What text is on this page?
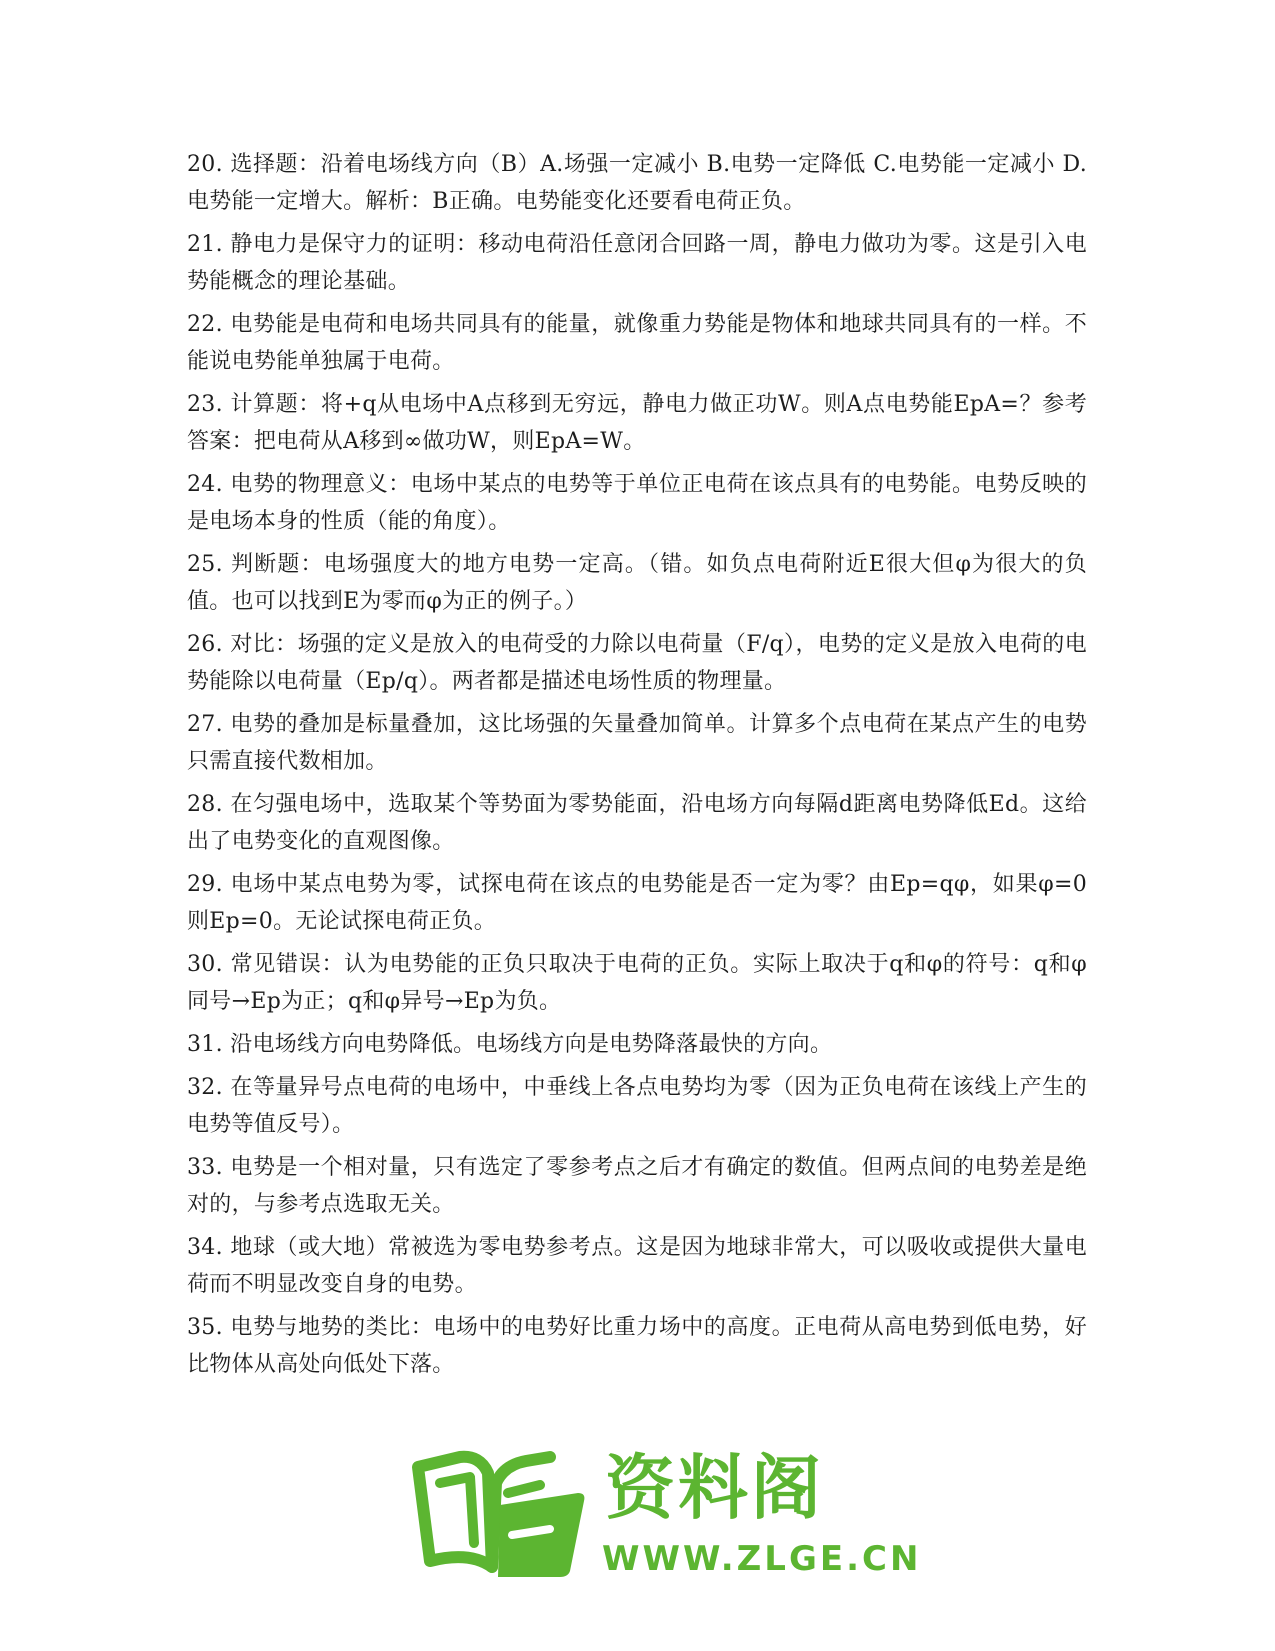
20. 选择题：沿着电场线方向（B）A.场强一定减小 B.电势一定降低 C.电势能一定减小 D.电势能一定增大。解析：B正确。电势能变化还要看电荷正负。

21. 静电力是保守力的证明：移动电荷沿任意闭合回路一周，静电力做功为零。这是引入电势能概念的理论基础。

22. 电势能是电荷和电场共同具有的能量，就像重力势能是物体和地球共同具有的一样。不能说电势能单独属于电荷。

23. 计算题：将+q从电场中A点移到无穷远，静电力做正功W。则A点电势能EpA=？参考答案：把电荷从A移到∞做功W，则EpA=W。

24. 电势的物理意义：电场中某点的电势等于单位正电荷在该点具有的电势能。电势反映的是电场本身的性质（能的角度）。

25. 判断题：电场强度大的地方电势一定高。（错。如负点电荷附近E很大但φ为很大的负值。也可以找到E为零而φ为正的例子。）

26. 对比：场强的定义是放入的电荷受的力除以电荷量（F/q），电势的定义是放入电荷的电势能除以电荷量（Ep/q）。两者都是描述电场性质的物理量。

27. 电势的叠加是标量叠加，这比场强的矢量叠加简单。计算多个点电荷在某点产生的电势只需直接代数相加。

28. 在匀强电场中，选取某个等势面为零势能面，沿电场方向每隔d距离电势降低Ed。这给出了电势变化的直观图像。

29. 电场中某点电势为零，试探电荷在该点的电势能是否一定为零？由Ep=qφ，如果φ=0则Ep=0。无论试探电荷正负。

30. 常见错误：认为电势能的正负只取决于电荷的正负。实际上取决于q和φ的符号：q和φ同号→Ep为正；q和φ异号→Ep为负。

31. 沿电场线方向电势降低。电场线方向是电势降落最快的方向。

32. 在等量异号点电荷的电场中，中垂线上各点电势均为零（因为正负电荷在该线上产生的电势等值反号）。

33. 电势是一个相对量，只有选定了零参考点之后才有确定的数值。但两点间的电势差是绝对的，与参考点选取无关。

34. 地球（或大地）常被选为零电势参考点。这是因为地球非常大，可以吸收或提供大量电荷而不明显改变自身的电势。

35. 电势与地势的类比：电场中的电势好比重力场中的高度。正电荷从高电势到低电势，好比物体从高处向低处下落。

资料阁
WWW.ZLGE.CN
